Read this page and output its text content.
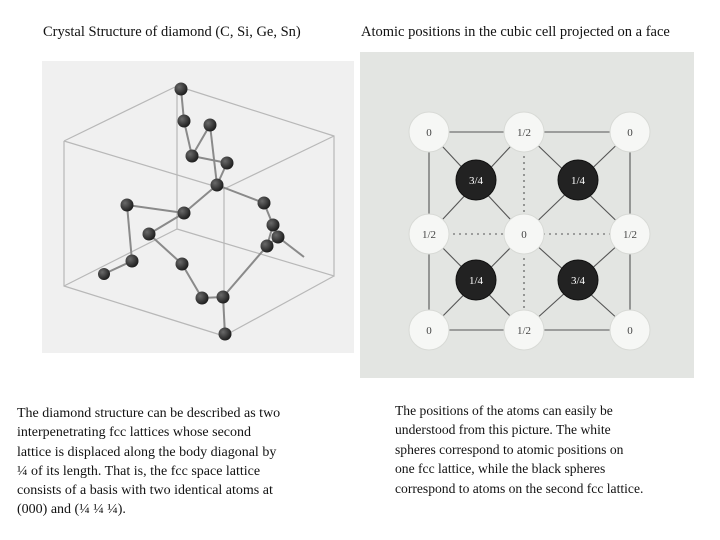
Crystal Structure of diamond (C, Si, Ge, Sn)	Atomic positions in the cubic cell projected on a face
0	1/2	0
1/2	0	1/2
0	1/2	0
3/4	1/4
1/4	3/4
The diamond structure can be described as two
interpenetrating fcc lattices whose second
lattice is displaced along the body diagonal by
¼ of its length. That is, the fcc space lattice
consists of a basis with two identical atoms at
(000) and (¼ ¼ ¼).
The positions of the atoms can easily be
understood from this picture. The white
spheres correspond to atomic positions on
one fcc lattice, while the black spheres
correspond to atoms on the second fcc lattice.
